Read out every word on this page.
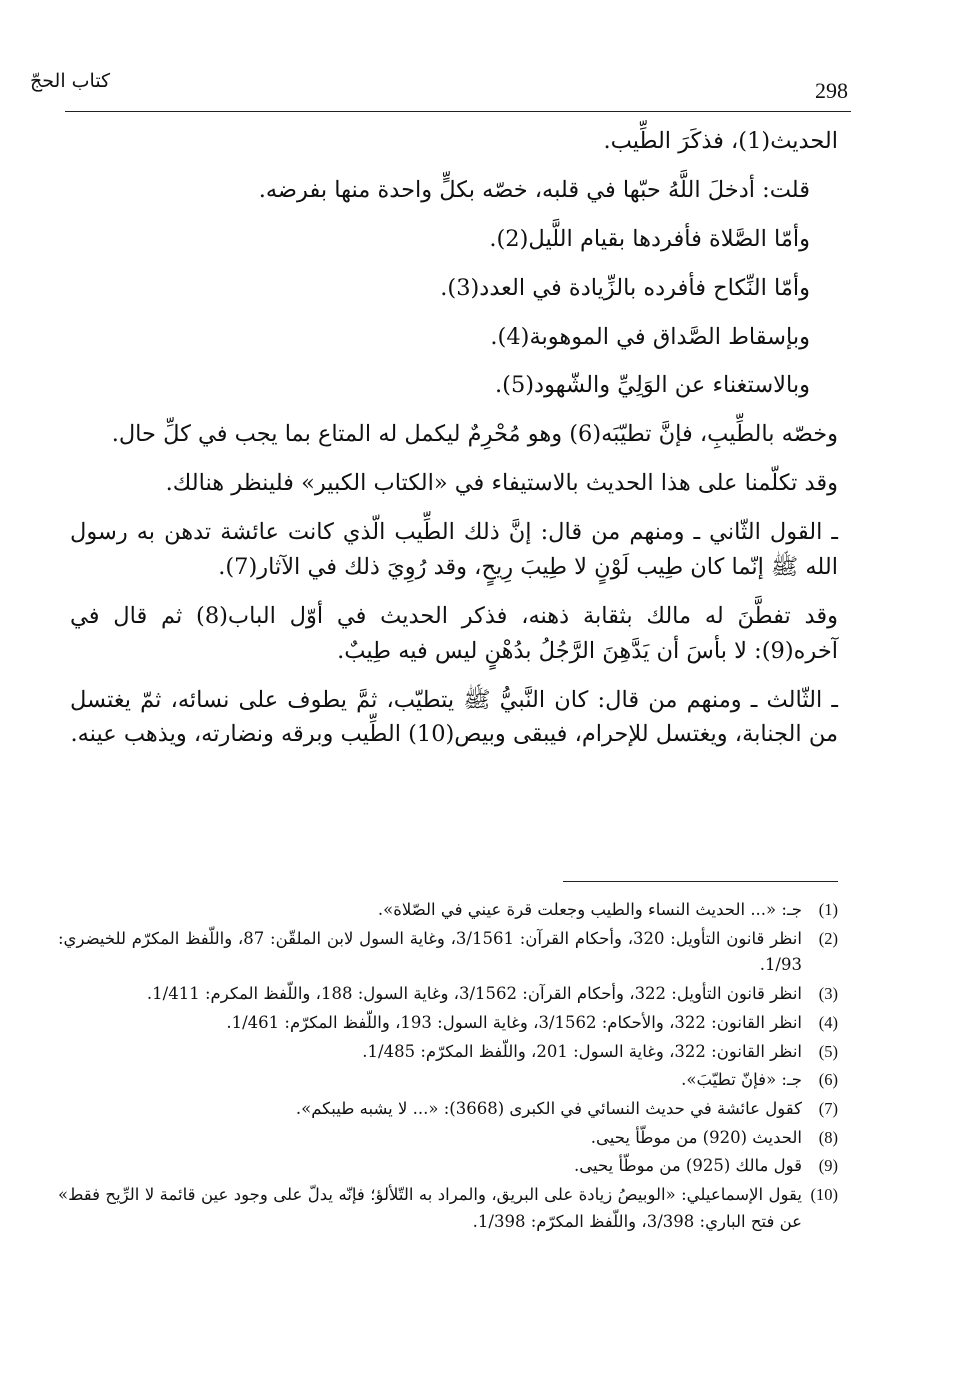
كتاب الحجّ	298

الحديث(1)، فذكَرَ الطِّيب.

قلت: أدخلَ اللَّهُ حبّها في قلبه، خصّه بكلٍّ واحدة منها بفرضه.

وأمّا الصَّلاة فأفردها بقيام اللَّيل(2).

وأمّا النِّكاح فأفرده بالزِّيادة في العدد(3).

وبإسقاط الصَّداق في الموهوبة(4).

وبالاستغناء عن الوَلِيِّ والشّهود(5).

وخصّه بالطِّيبِ، فإنَّ تطيّبَه(6) وهو مُحْرِمٌ ليكمل له المتاع بما يجب في كلِّ حال.

وقد تكلّمنا على هذا الحديث بالاستيفاء في «الكتاب الكبير» فلينظر هنالك.

ـ القول الثّاني ـ ومنهم من قال: إنَّ ذلك الطِّيب الّذي كانت عائشة تدهن به رسول الله ﷺ إنّما كان طِيب لَوْنٍ لا طِيبَ رِيحٍ، وقد رُوِيَ ذلك في الآثار(7).

وقد تفطَّنَ له مالك بثقابة ذهنه، فذكر الحديث في أوّل الباب(8) ثم قال في آخره(9): لا بأسَ أن يَدَّهِنَ الرَّجُلُ بدُهْنٍ ليس فيه طِيبٌ.

ـ الثّالث ـ ومنهم من قال: كان النَّبيُّ ﷺ يتطيّب، ثمَّ يطوف على نسائه، ثمّ يغتسل من الجنابة، ويغتسل للإحرام، فيبقى وبيص(10) الطِّيب وبرقه ونضارته، ويذهب عينه.

(1)
جـ: «... الحديث النساء والطيب وجعلت قرة عيني في الصّلاة».
(2)
انظر قانون التأويل: 320، وأحكام القرآن: 3/1561، وغاية السول لابن الملقّن: 87، واللّفظ المكرّم للخيضري: 1/93.
(3)
انظر قانون التأويل: 322، وأحكام القرآن: 3/1562، وغاية السول: 188، واللّفظ المكرم: 1/411.
(4)
انظر القانون: 322، والأحكام: 3/1562، وغاية السول: 193، واللّفظ المكرّم: 1/461.
(5)
انظر القانون: 322، وغاية السول: 201، واللّفظ المكرّم: 1/485.
(6)
جـ: «فإنّ تطيّبَ».
(7)
كقول عائشة في حديث النسائي في الكبرى (3668): «... لا يشبه طيبكم».
(8)
الحديث (920) من موطّأ يحيى.
(9)
قول مالك (925) من موطّأ يحيى.
(10)
يقول الإسماعيلي: «الوبيصُ زيادة على البريق، والمراد به التّلألؤ؛ فإنّه يدلّ على وجود عين قائمة لا الرِّيح فقط» عن فتح الباري: 3/398، واللّفظ المكرّم: 1/398.
